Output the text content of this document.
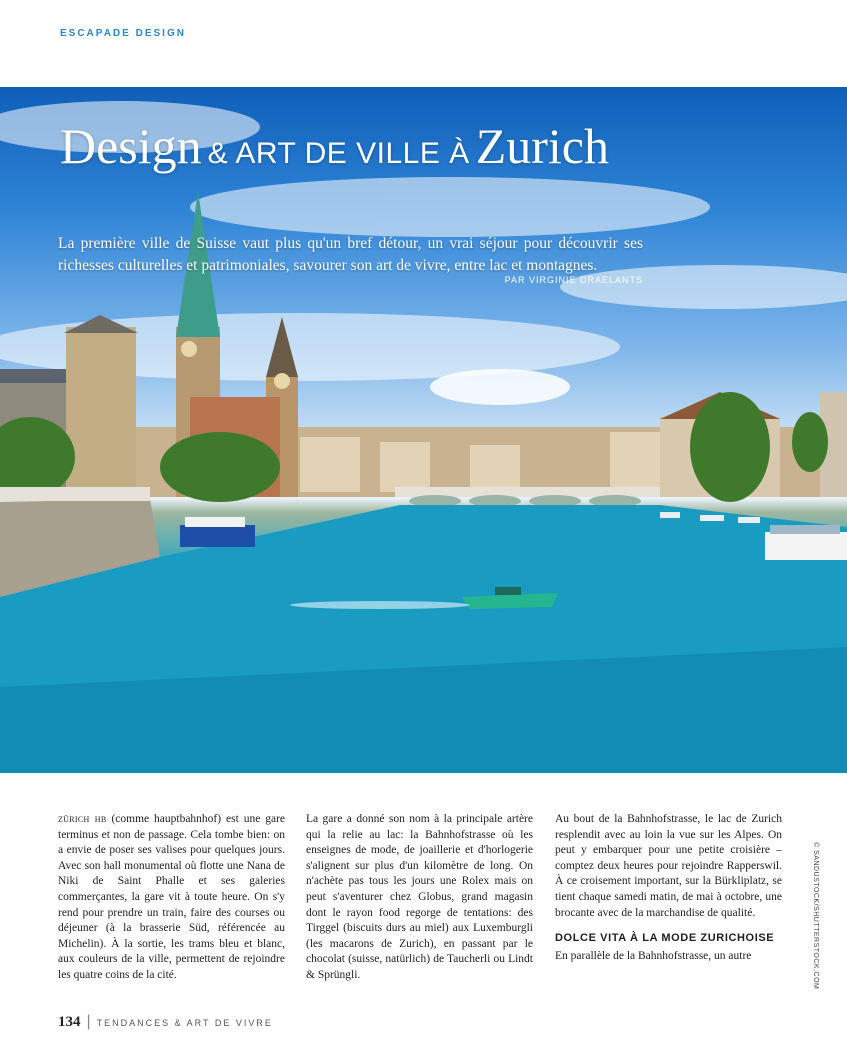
ESCAPADE DESIGN
Design & ART DE VILLE À Zurich
La première ville de Suisse vaut plus qu'un bref détour, un vrai séjour pour découvrir ses richesses culturelles et patrimoniales, savourer son art de vivre, entre lac et montagnes.
PAR VIRGINIE DRAELANTS

zürich hb (comme hauptbahnhof) est une gare terminus et non de passage. Cela tombe bien: on a envie de poser ses valises pour quelques jours. Avec son hall monumental où flotte une Nana de Niki de Saint Phalle et ses galeries commerçantes, la gare vit à toute heure. On s'y rend pour prendre un train, faire des courses ou déjeuner (à la brasserie Süd, référencée au Michelin). À la sortie, les trams bleu et blanc, aux couleurs de la ville, permettent de rejoindre les quatre coins de la cité.

La gare a donné son nom à la principale artère qui la relie au lac: la Bahnhofstrasse où les enseignes de mode, de joaillerie et d'horlogerie s'alignent sur plus d'un kilomètre de long. On n'achète pas tous les jours une Rolex mais on peut s'aventurer chez Globus, grand magasin dont le rayon food regorge de tentations: des Tirggel (biscuits durs au miel) aux Luxemburgli (les macarons de Zurich), en passant par le chocolat (suisse, natürlich) de Taucherli ou Lindt & Sprüngli.

Au bout de la Bahnhofstrasse, le lac de Zurich resplendit avec au loin la vue sur les Alpes. On peut y embarquer pour une petite croisière – comptez deux heures pour rejoindre Rapperswil. À ce croisement important, sur la Bürkliplatz, se tient chaque samedi matin, de mai à octobre, une brocante avec de la marchandise de qualité.

DOLCE VITA À LA MODE ZURICHOISE

En parallèle de la Bahnhofstrasse, un autre	© SANDUSTOCK/SHUTTERSTOCK.COM
134 | TENDANCES & ART DE VIVRE
